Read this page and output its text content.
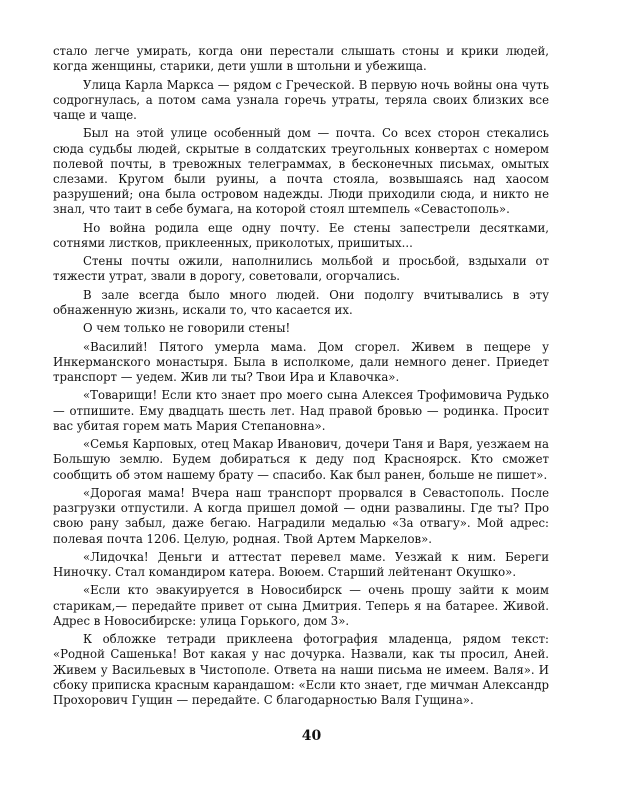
стало легче умирать, когда они перестали слышать стоны и крики людей, когда женщины, старики, дети ушли в штольни и убежища.

Улица Карла Маркса — рядом с Греческой. В первую ночь войны она чуть содрогнулась, а потом сама узнала горечь утраты, теряла своих близких все чаще и чаще.

Был на этой улице особенный дом — почта. Со всех сторон стекались сюда судьбы людей, скрытые в солдатских треугольных конвертах с номером полевой почты, в тревожных телеграммах, в бесконечных письмах, омытых слезами. Кругом были руины, а почта стояла, возвышаясь над хаосом разрушений; она была островом надежды. Люди приходили сюда, и никто не знал, что таит в себе бумага, на которой стоял штемпель «Севастополь».

Но война родила еще одну почту. Ее стены запестрели десятками, сотнями листков, приклеенных, приколотых, пришитых...

Стены почты ожили, наполнились мольбой и просьбой, вздыхали от тяжести утрат, звали в дорогу, советовали, огорчались.

В зале всегда было много людей. Они подолгу вчитывались в эту обнаженную жизнь, искали то, что касается их.

О чем только не говорили стены!

«Василий! Пятого умерла мама. Дом сгорел. Живем в пещере у Инкерманского монастыря. Была в исполкоме, дали немного денег. Приедет транспорт — уедем. Жив ли ты? Твои Ира и Клавочка».

«Товарищи! Если кто знает про моего сына Алексея Трофимовича Рудько — отпишите. Ему двадцать шесть лет. Над правой бровью — родинка. Просит вас убитая горем мать Мария Степановна».

«Семья Карповых, отец Макар Иванович, дочери Таня и Варя, уезжаем на Большую землю. Будем добираться к деду под Красноярск. Кто сможет сообщить об этом нашему брату — спасибо. Как был ранен, больше не пишет».

«Дорогая мама! Вчера наш транспорт прорвался в Севастополь. После разгрузки отпустили. А когда пришел домой — одни развалины. Где ты? Про свою рану забыл, даже бегаю. Наградили медалью «За отвагу». Мой адрес: полевая почта 1206. Целую, родная. Твой Артем Маркелов».

«Лидочка! Деньги и аттестат перевел маме. Уезжай к ним. Береги Ниночку. Стал командиром катера. Воюем. Старший лейтенант Окушко».

«Если кто эвакуируется в Новосибирск — очень прошу зайти к моим старикам,— передайте привет от сына Дмитрия. Теперь я на батарее. Живой. Адрес в Новосибирске: улица Горького, дом 3».

К обложке тетради приклеена фотография младенца, рядом текст: «Родной Сашенька! Вот какая у нас дочурка. Назвали, как ты просил, Аней. Живем у Васильевых в Чистополе. Ответа на наши письма не имеем. Валя». И сбоку приписка красным карандашом: «Если кто знает, где мичман Александр Прохорович Гущин — передайте. С благодарностью Валя Гущина».

40
